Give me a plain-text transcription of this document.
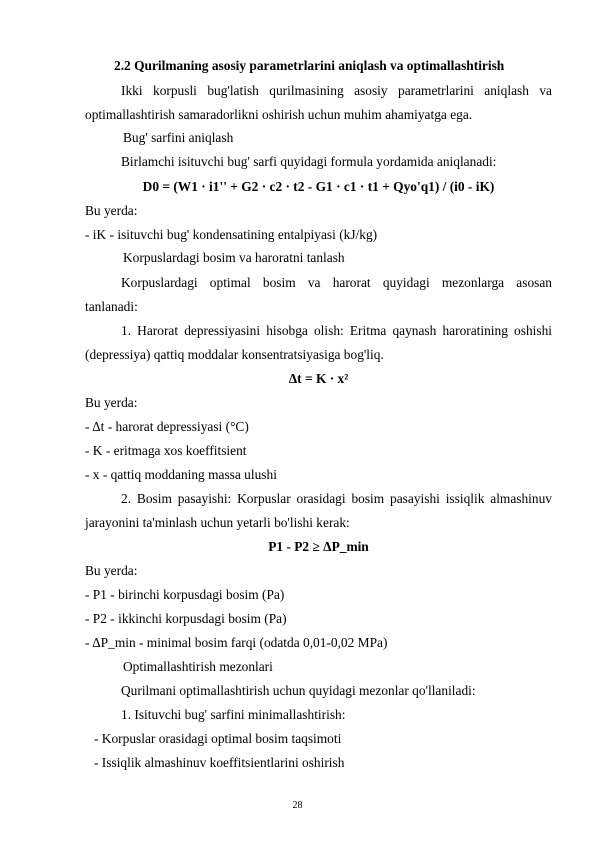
2.2 Qurilmaning asosiy parametrlarini aniqlash va optimallashtirish
Ikki korpusli bug'latish qurilmasining asosiy parametrlarini aniqlash va
optimallashtirish samaradorlikni oshirish uchun muhim ahamiyatga ega.
Bug' sarfini aniqlash
Birlamchi isituvchi bug' sarfi quyidagi formula yordamida aniqlanadi:
D0 = (W1 · i1'' + G2 · c2 · t2 - G1 · c1 · t1 + Qyo'q1) / (i0 - iK)
Bu yerda:
- iK - isituvchi bug' kondensatining entalpiyasi (kJ/kg)
Korpuslardagi bosim va haroratni tanlash
Korpuslardagi optimal bosim va harorat quyidagi mezonlarga asosan
tanlanadi:
1. Harorat depressiyasini hisobga olish: Eritma qaynash haroratining oshishi
(depressiya) qattiq moddalar konsentratsiyasiga bog'liq.
Δt = K · x²
Bu yerda:
- Δt - harorat depressiyasi (°C)
- K - eritmaga xos koeffitsient
- x - qattiq moddaning massa ulushi
2. Bosim pasayishi: Korpuslar orasidagi bosim pasayishi issiqlik almashinuv
jarayonini ta'minlash uchun yetarli bo'lishi kerak:
P1 - P2 ≥ ΔP_min
Bu yerda:
- P1 - birinchi korpusdagi bosim (Pa)
- P2 - ikkinchi korpusdagi bosim (Pa)
- ΔP_min - minimal bosim farqi (odatda 0,01-0,02 MPa)
Optimallashtirish mezonlari
Qurilmani optimallashtirish uchun quyidagi mezonlar qo'llaniladi:
1. Isituvchi bug' sarfini minimallashtirish:
- Korpuslar orasidagi optimal bosim taqsimoti
- Issiqlik almashinuv koeffitsientlarini oshirish
28
